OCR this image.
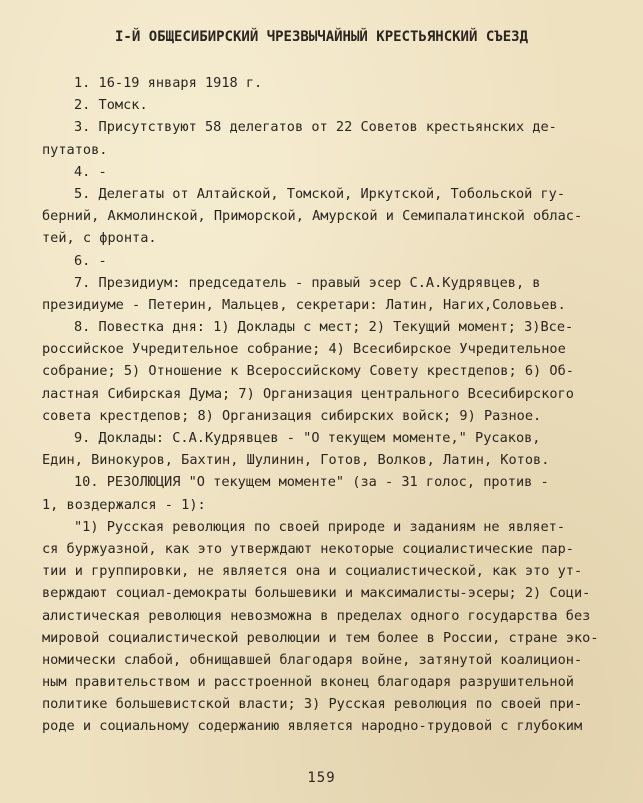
I-Й ОБЩЕСИБИРСКИЙ ЧРЕЗВЫЧАЙНЫЙ КРЕСТЬЯНСКИЙ СЪЕЗД
1. 16-19 января 1918 г.
2. Томск.
3. Присутствуют 58 делегатов от 22 Советов крестьянских де-
путатов.
4. -
5. Делегаты от Алтайской, Томской, Иркутской, Тобольской гу-
берний, Акмолинской, Приморской, Амурской и Семипалатинской облас-
тей, с фронта.
6. -
7. Президиум: председатель - правый эсер С.А.Кудрявцев, в
президиуме - Петерин, Мальцев, секретари: Латин, Нагих,Соловьев.
8. Повестка дня: 1) Доклады с мест; 2) Текущий момент; 3)Все-
российское Учредительное собрание; 4) Всесибирское Учредительное
собрание; 5) Отношение к Всероссийскому Совету крестдепов; 6) Об-
ластная Сибирская Дума; 7) Организация центрального Всесибирского
совета крестдепов; 8) Организация сибирских войск; 9) Разное.
9. Доклады: С.А.Кудрявцев - "О текущем моменте," Русаков,
Един, Винокуров, Бахтин, Шулинин, Готов, Волков, Латин, Котов.
10. РЕЗОЛЮЦИЯ "О текущем моменте" (за - 31 голос, против -
1, воздержался - 1):
"1) Русская революция по своей природе и заданиям не являет-
ся буржуазной, как это утверждают некоторые социалистические пар-
тии и группировки, не является она и социалистической, как это ут-
верждают социал-демократы большевики и максималисты-эсеры; 2) Соци-
алистическая революция невозможна в пределах одного государства без
мировой социалистической революции и тем более в России, стране эко-
номически слабой, обнищавшей благодаря войне, затянутой коалицион-
ным правительством и расстроенной вконец благодаря разрушительной
политике большевистской власти; 3) Русская революция по своей при-
роде и социальному содержанию является народно-трудовой с глубоким
159
